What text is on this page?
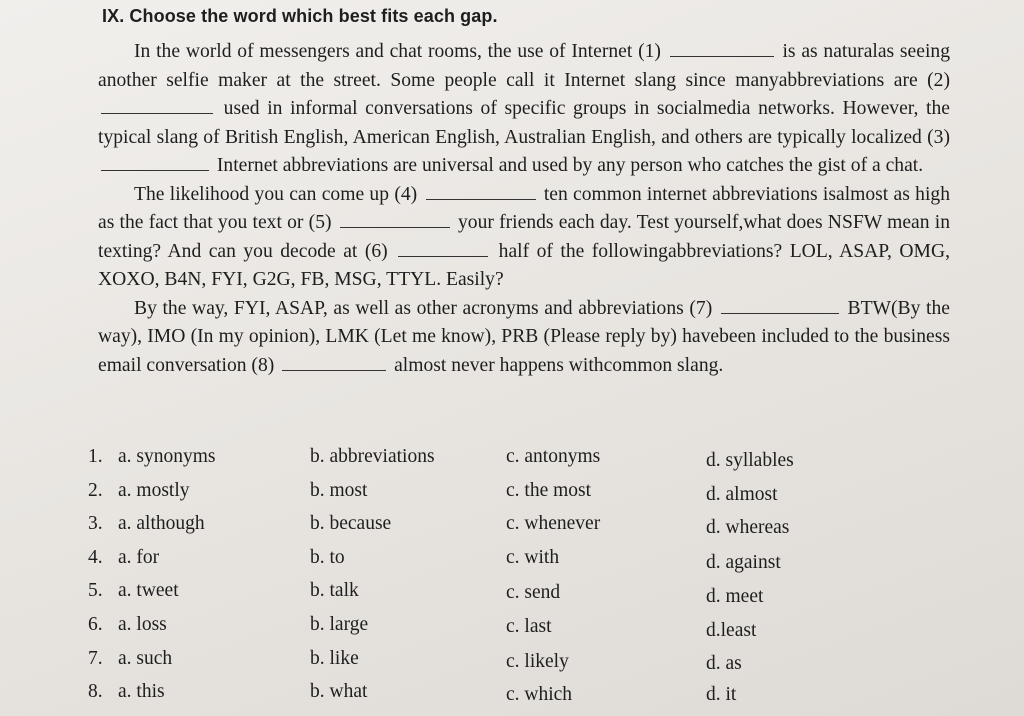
IX. Choose the word which best fits each gap.

In the world of messengers and chat rooms, the use of Internet (1)	is as naturalas seeing another selfie maker at the street. Some people call it Internet slang since manyabbreviations are (2)  used in informal conversations of specific groups in socialmedia networks. However, the typical slang of British English, American English, Australian English, and others are typically localized (3)  Internet abbreviations are universal and used by any person who catches the gist of a chat.

The likelihood you can come up (4)	ten common internet abbreviations isalmost as high as the fact that you text or (5)	your friends each day. Test yourself,what does NSFW mean in texting? And can you decode at (6)	half of the followingabbreviations? LOL, ASAP, OMG, XOXO, B4N, FYI, G2G, FB, MSG, TTYL. Easily?

By the way, FYI, ASAP, as well as other acronyms and abbreviations (7)	BTW(By the way), IMO (In my opinion), LMK (Let me know), PRB (Please reply by) havebeen included to the business email conversation (8)	almost never happens withcommon slang.

1. a. synonyms	b. abbreviations	c. antonyms	d. syllables
2. a. mostly	b. most	c. the most	d. almost
3. a. although	b. because	c. whenever	d. whereas
4. a. for	b. to	c. with	d. against
5. a. tweet	b. talk	c. send	d. meet
6. a. loss	b. large	c. last	d.least
7. a. such	b. like	c. likely	d. as
8. a. this	b. what	c. which	d. it
